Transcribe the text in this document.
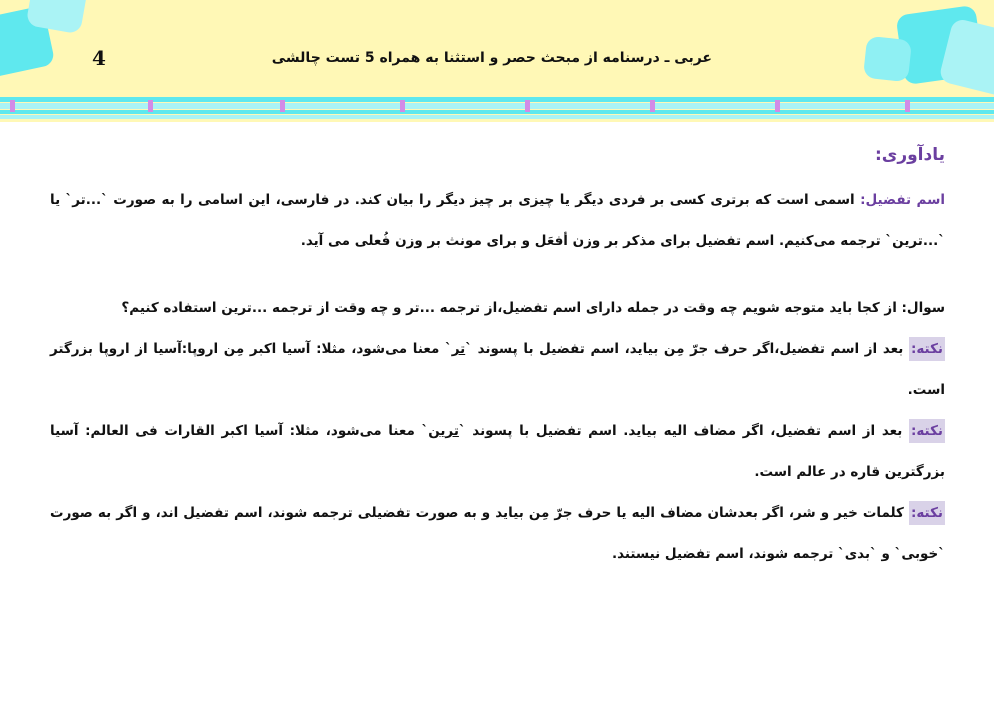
4	عربی ـ درسنامه از مبحث حصر و استثنا به همراه 5 تست چالشی
یادآوری:

اسم تفضیل: اسمی است که برتری کسی بر فردی دیگر یا چیزی بر چیز دیگر را بیان کند. در فارسی، این اسامی را به صورت `...تر` یا `...ترین` ترجمه می‌کنیم. اسم تفضیل برای مذکر بر وزن أفعَل و برای مونث بر وزن فُعلی می آید.

سوال: از کجا باید متوجه شویم چه وقت در جمله دارای اسم تفضیل،از ترجمه ...تر و چه وقت از ترجمه ...ترین استفاده کنیم؟

نکته: بعد از اسم تفضیل،اگر حرف جرّ مِن بیاید، اسم تفضیل با پسوند `تر` معنا می‌شود، مثلا: آسیا اکبر مِن اروپا:آسیا از اروپا بزرگتر است.

نکته: بعد از اسم تفضیل، اگر مضاف الیه بیاید. اسم تفضیل با پسوند `ترین` معنا می‌شود، مثلا: آسیا اکبر القارات فی العالم: آسیا بزرگترین قاره در عالم است.

نکته: کلمات خیر و شر، اگر بعدشان مضاف الیه یا حرف جرّ مِن بیاید و به صورت تفضیلی ترجمه شوند، اسم تفضیل اند، و اگر به صورت `خوبی` و `بدی` ترجمه شوند، اسم تفضیل نیستند.
